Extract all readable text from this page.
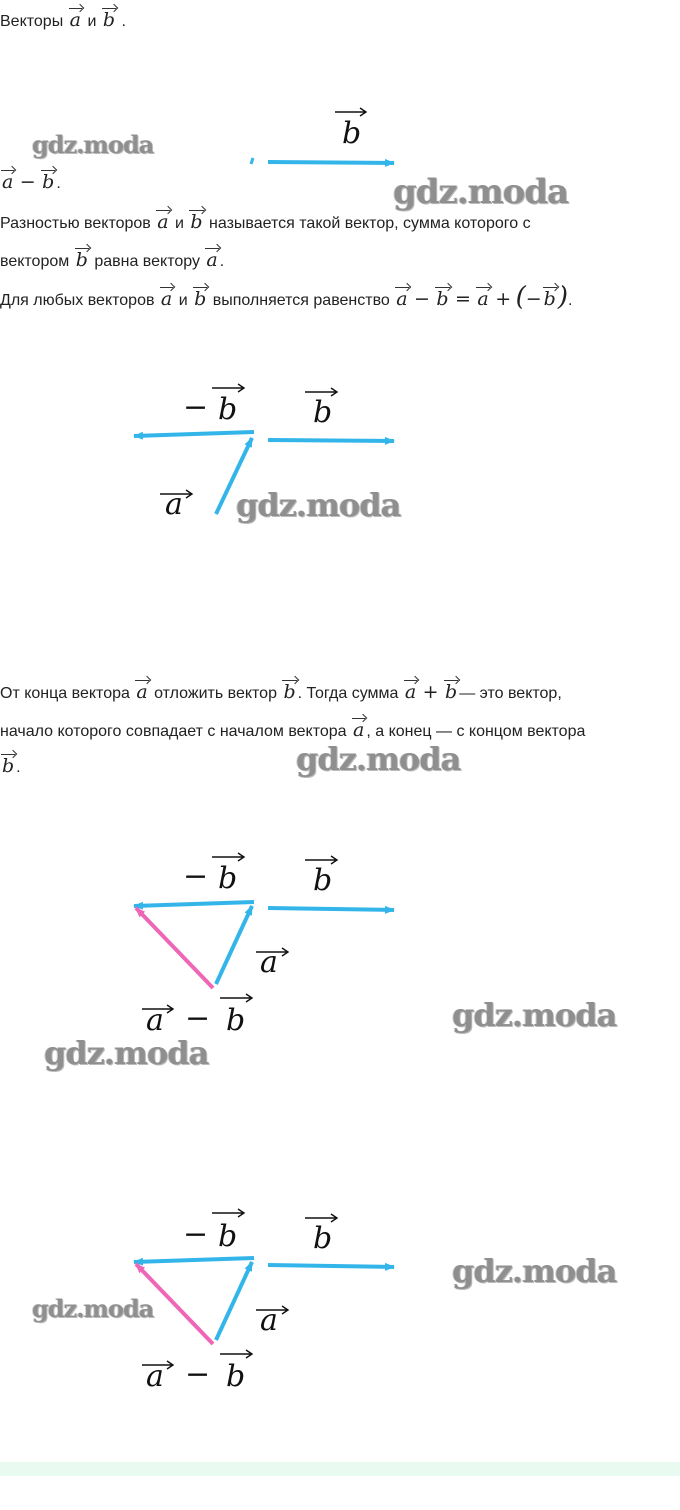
Векторы a и b .
gdz.moda	b
a − b .	gdz.moda
Разностью векторов a и b называется такой вектор, сумма которого с
вектором b равна вектору a .
Для любых векторов a и b выполняется равенство a − b = a + (− b).
− b	b
a gdz.moda
От конца вектора a отложить вектор b . Тогда сумма a + b — это вектор,
начало которого совпадает с началом вектора a , а конец — с концом вектора
b .	gdz.moda
− b	b
a
a − b	gdz.moda
gdz.moda
− b	b
a
a − b
gdz.moda
gdz.moda
